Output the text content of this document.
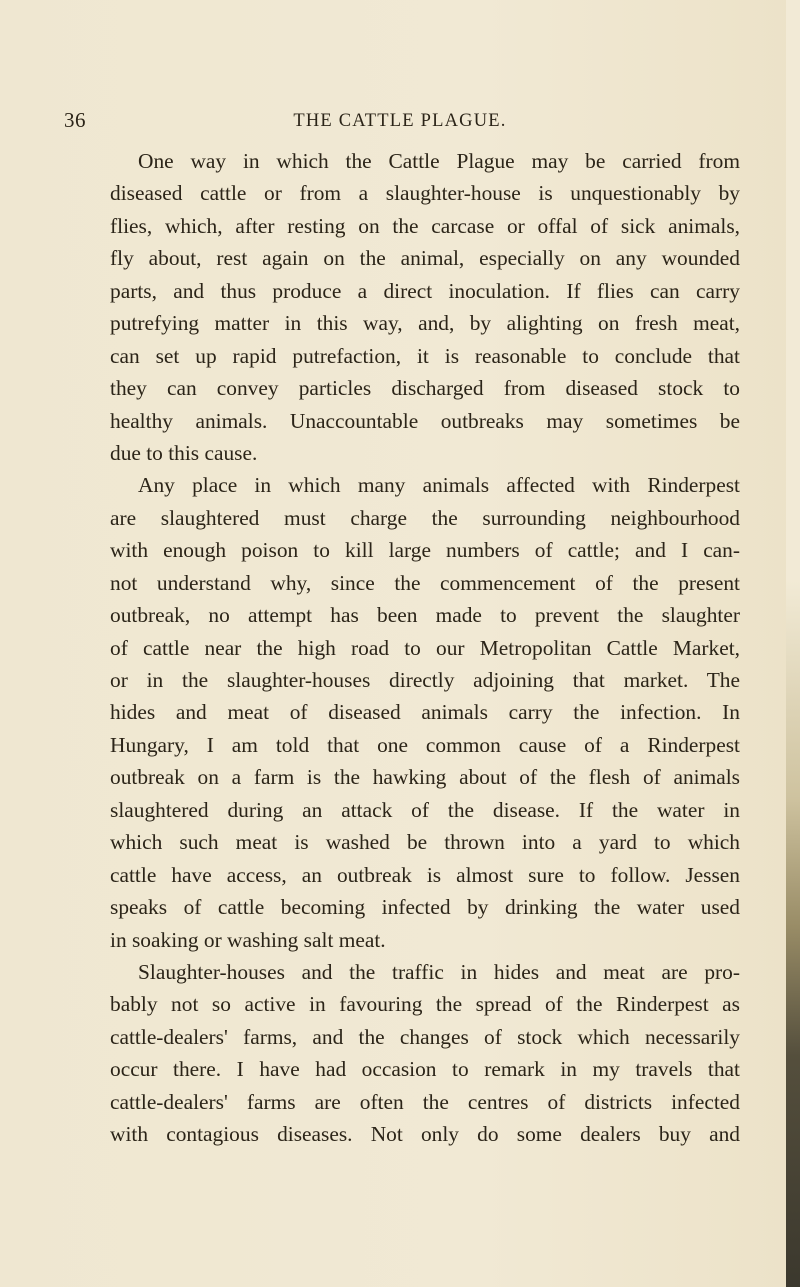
36	THE CATTLE PLAGUE.
One way in which the Cattle Plague may be carried from
diseased cattle or from a slaughter-house is unquestionably by
flies, which, after resting on the carcase or offal of sick animals,
fly about, rest again on the animal, especially on any wounded
parts, and thus produce a direct inoculation. If flies can carry
putrefying matter in this way, and, by alighting on fresh meat,
can set up rapid putrefaction, it is reasonable to conclude that
they can convey particles discharged from diseased stock to
healthy animals. Unaccountable outbreaks may sometimes be
due to this cause.
Any place in which many animals affected with Rinderpest
are slaughtered must charge the surrounding neighbourhood
with enough poison to kill large numbers of cattle; and I can-
not understand why, since the commencement of the present
outbreak, no attempt has been made to prevent the slaughter
of cattle near the high road to our Metropolitan Cattle Market,
or in the slaughter-houses directly adjoining that market. The
hides and meat of diseased animals carry the infection. In
Hungary, I am told that one common cause of a Rinderpest
outbreak on a farm is the hawking about of the flesh of animals
slaughtered during an attack of the disease. If the water in
which such meat is washed be thrown into a yard to which
cattle have access, an outbreak is almost sure to follow. Jessen
speaks of cattle becoming infected by drinking the water used
in soaking or washing salt meat.
Slaughter-houses and the traffic in hides and meat are pro-
bably not so active in favouring the spread of the Rinderpest as
cattle-dealers' farms, and the changes of stock which necessarily
occur there. I have had occasion to remark in my travels that
cattle-dealers' farms are often the centres of districts infected
with contagious diseases. Not only do some dealers buy and
